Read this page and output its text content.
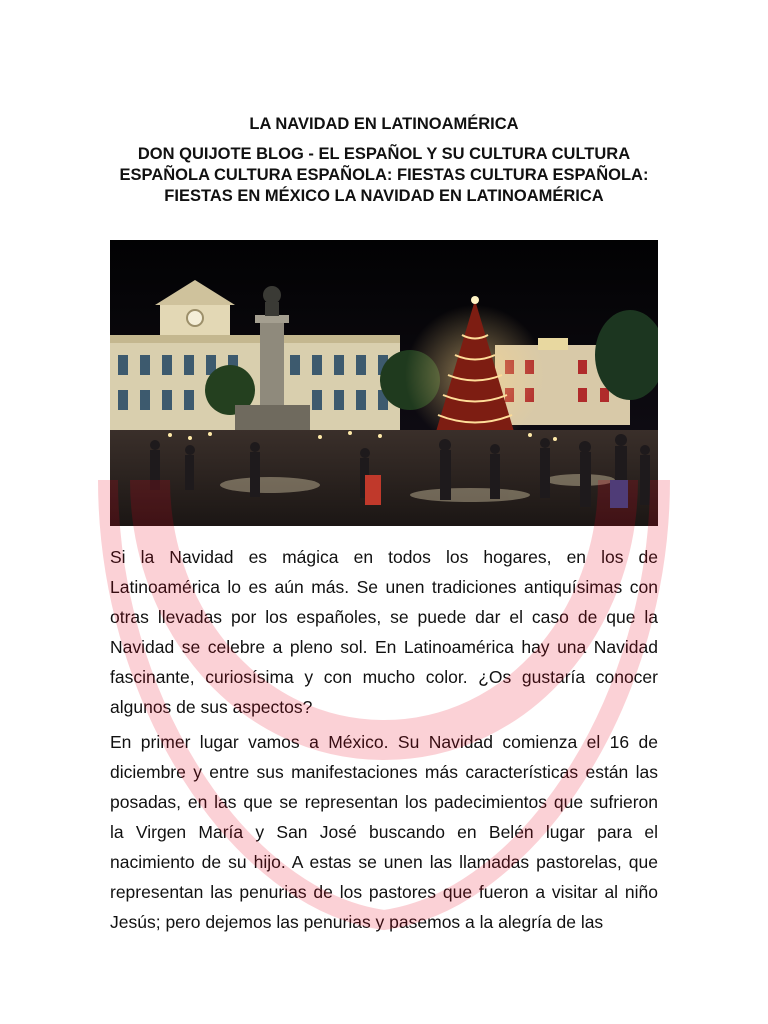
LA NAVIDAD EN LATINOAMÉRICA
DON QUIJOTE BLOG - EL ESPAÑOL Y SU CULTURA CULTURA ESPAÑOLA CULTURA ESPAÑOLA: FIESTAS CULTURA ESPAÑOLA: FIESTAS EN MÉXICO LA NAVIDAD EN LATINOAMÉRICA

Si la Navidad es mágica en todos los hogares, en los de Latinoamérica lo es aún más. Se unen tradiciones antiquísimas con otras llevadas por los españoles, se puede dar el caso de que la Navidad se celebre a pleno sol. En Latinoamérica hay una Navidad fascinante, curiosísima y con mucho color. ¿Os gustaría conocer algunos de sus aspectos?

En primer lugar vamos a México. Su Navidad comienza el 16 de diciembre y entre sus manifestaciones más características están las posadas, en las que se representan los padecimientos que sufrieron la Virgen María y San José buscando en Belén lugar para el nacimiento de su hijo. A estas se unen las llamadas pastorelas, que representan las penurias de los pastores que fueron a visitar al niño Jesús; pero dejemos las penurias y pasemos a la alegría de las
